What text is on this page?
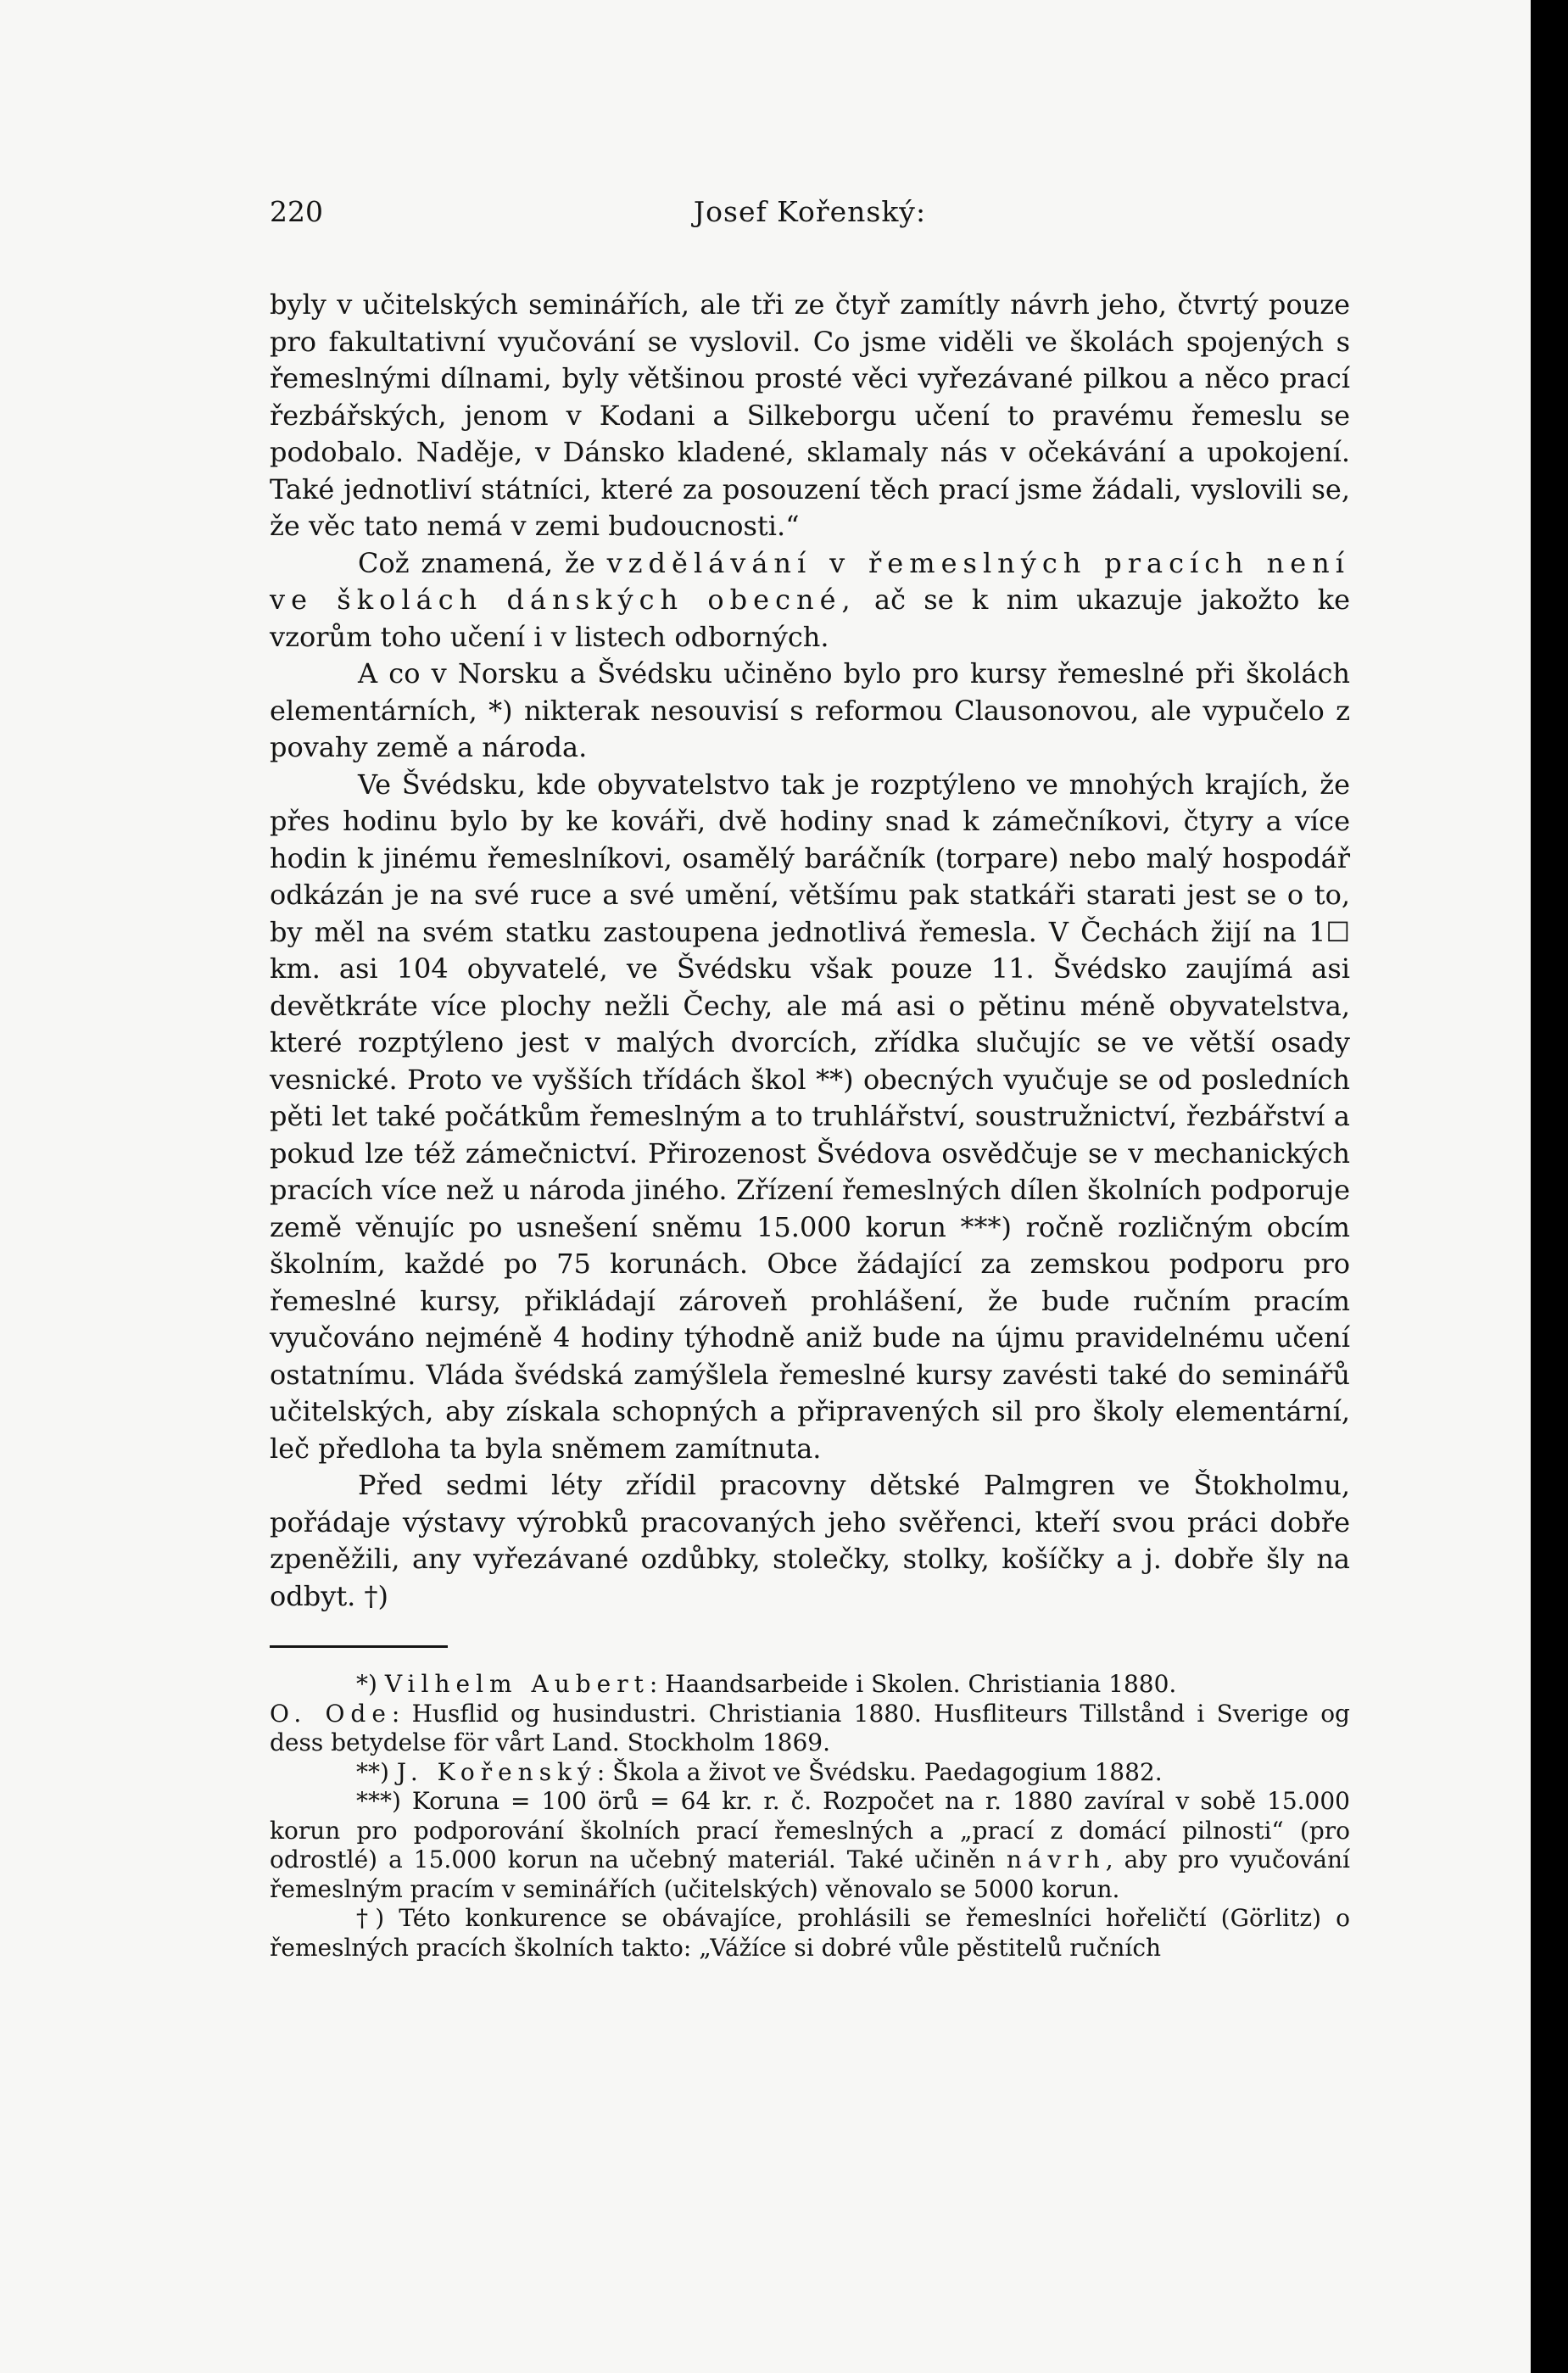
220	Josef Kořenský:

byly v učitelských seminářích, ale tři ze čtyř zamítly návrh jeho, čtvrtý pouze pro fakultativní vyučování se vyslovil. Co jsme viděli ve školách spojených s řemeslnými dílnami, byly většinou prosté věci vyřezávané pilkou a něco prací řezbářských, jenom v Kodani a Silkeborgu učení to pravému řemeslu se podobalo. Naděje, v Dánsko kladené, sklamaly nás v očekávání a upokojení. Také jednotliví státníci, které za posouzení těch prací jsme žádali, vyslovili se, že věc tato nemá v zemi budoucnosti.“

Což znamená, že vzdělávání v řemeslných pracích není ve školách dánských obecné, ač se k nim ukazuje jakožto ke vzorům toho učení i v listech odborných.

A co v Norsku a Švédsku učiněno bylo pro kursy řemeslné při školách elementárních, *) nikterak nesouvisí s reformou Clausonovou, ale vypučelo z povahy země a národa.

Ve Švédsku, kde obyvatelstvo tak je rozptýleno ve mnohých krajích, že přes hodinu bylo by ke kováři, dvě hodiny snad k zámečníkovi, čtyry a více hodin k jinému řemeslníkovi, osamělý baráčník (torpare) nebo malý hospodář odkázán je na své ruce a své umění, většímu pak statkáři starati jest se o to, by měl na svém statku zastoupena jednotlivá řemesla. V Čechách žijí na 1☐ km. asi 104 obyvatelé, ve Švédsku však pouze 11. Švédsko zaujímá asi devětkráte více plochy nežli Čechy, ale má asi o pětinu méně obyvatelstva, které rozptýleno jest v malých dvorcích, zřídka slučujíc se ve větší osady vesnické. Proto ve vyšších třídách škol **) obecných vyučuje se od posledních pěti let také počátkům řemeslným a to truhlářství, soustružnictví, řezbářství a pokud lze též zámečnictví. Přirozenost Švédova osvědčuje se v mechanických pracích více než u národa jiného. Zřízení řemeslných dílen školních podporuje země věnujíc po usnešení sněmu 15.000 korun ***) ročně rozličným obcím školním, každé po 75 korunách. Obce žádající za zemskou podporu pro řemeslné kursy, přikládají zároveň prohlášení, že bude ručním pracím vyučováno nejméně 4 hodiny týhodně aniž bude na újmu pravidelnému učení ostatnímu. Vláda švédská zamýšlela řemeslné kursy zavésti také do seminářů učitelských, aby získala schopných a připravených sil pro školy elementární, leč předloha ta byla sněmem zamítnuta.

Před sedmi léty zřídil pracovny dětské Palmgren ve Štokholmu, pořádaje výstavy výrobků pracovaných jeho svěřenci, kteří svou práci dobře zpeněžili, any vyřezávané ozdůbky, stolečky, stolky, košíčky a j. dobře šly na odbyt. †)

*) Vilhelm Aubert: Haandsarbeide i Skolen. Christiania 1880.

O. Ode: Husflid og husindustri. Christiania 1880. Husfliteurs Tillstånd i Sverige og dess betydelse för vårt Land. Stockholm 1869.

**) J. Kořenský: Škola a život ve Švédsku. Paedagogium 1882.

***) Koruna = 100 örů = 64 kr. r. č. Rozpočet na r. 1880 zavíral v sobě 15.000 korun pro podporování školních prací řemeslných a „prací z domácí pilnosti“ (pro odrostlé) a 15.000 korun na učebný materiál. Také učiněn návrh, aby pro vyučování řemeslným pracím v seminářích (učitelských) věnovalo se 5000 korun.

†) Této konkurence se obávajíce, prohlásili se řemeslníci hořeličtí (Görlitz) o řemeslných pracích školních takto: „Vážíce si dobré vůle pěstitelů ručních
